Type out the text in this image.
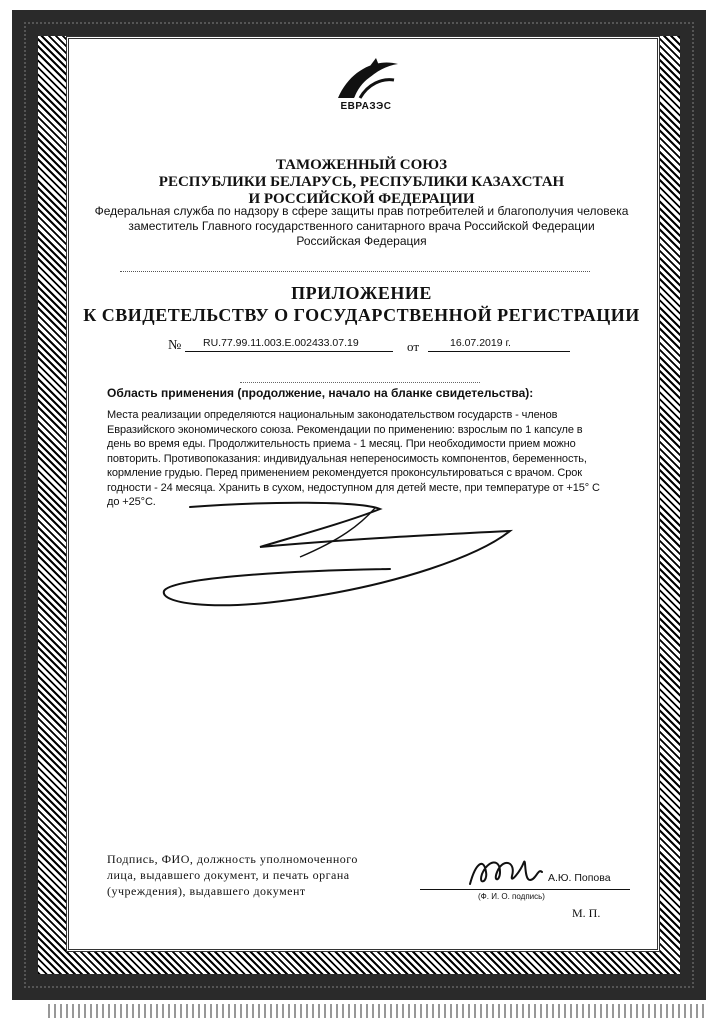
ЕВРАЗЭС
ТАМОЖЕННЫЙ СОЮЗ
РЕСПУБЛИКИ БЕЛАРУСЬ, РЕСПУБЛИКИ КАЗАХСТАН
И РОССИЙСКОЙ ФЕДЕРАЦИИ
Федеральная служба по надзору в сфере защиты прав потребителей и благополучия человека
заместитель Главного государственного санитарного врача Российской Федерации
Российская Федерация
ПРИЛОЖЕНИЕ
К СВИДЕТЕЛЬСТВУ О ГОСУДАРСТВЕННОЙ РЕГИСТРАЦИИ
№ RU.77.99.11.003.E.002433.07.19	от	16.07.2019 г.
Область применения (продолжение, начало на бланке свидетельства):
Места реализации определяются национальным законодательством государств - членов
Евразийского экономического союза. Рекомендации по применению: взрослым по 1 капсуле в
день во время еды. Продолжительность приема - 1 месяц. При необходимости прием можно
повторить. Противопоказания: индивидуальная непереносимость компонентов, беременность,
кормление грудью. Перед применением рекомендуется проконсультироваться с врачом. Срок
годности - 24 месяца. Хранить в сухом, недоступном для детей месте, при температуре от +15° С
до +25°С.
Подпись, ФИО, должность уполномоченного
лица, выдавшего документ, и печать органа
(учреждения), выдавшего документ
А.Ю. Попова
(Ф. И. О. подпись)
М. П.
